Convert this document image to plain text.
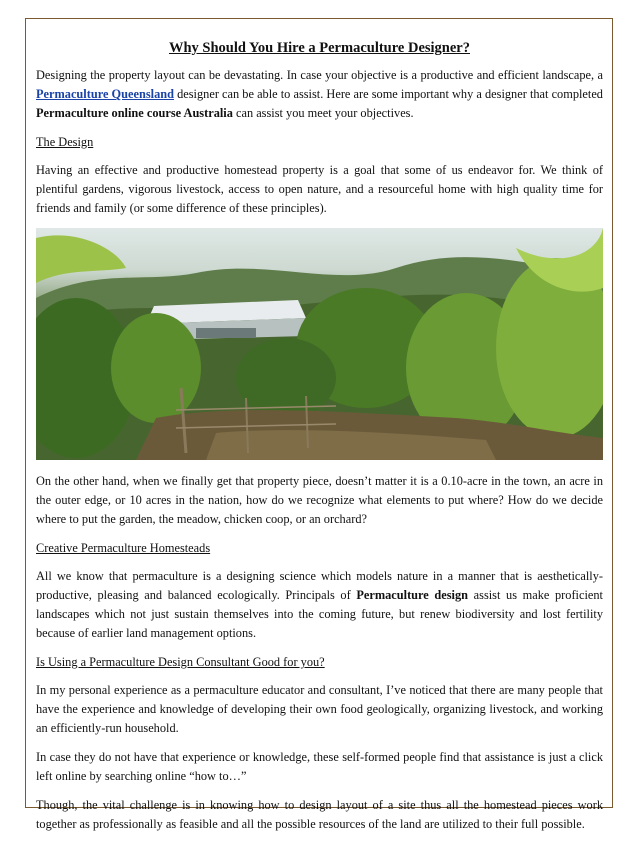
Why Should You Hire a Permaculture Designer?

Designing the property layout can be devastating. In case your objective is a productive and efficient landscape, a Permaculture Queensland designer can be able to assist. Here are some important why a designer that completed Permaculture online course Australia can assist you meet your objectives.

The Design

Having an effective and productive homestead property is a goal that some of us endeavor for. We think of plentiful gardens, vigorous livestock, access to open nature, and a resourceful home with high quality time for friends and family (or some difference of these principles).

On the other hand, when we finally get that property piece, doesn’t matter it is a 0.10-acre in the town, an acre in the outer edge, or 10 acres in the nation, how do we recognize what elements to put where? How do we decide where to put the garden, the meadow, chicken coop, or an orchard?

Creative Permaculture Homesteads

All we know that permaculture is a designing science which models nature in a manner that is aesthetically-productive, pleasing and balanced ecologically. Principals of Permaculture design assist us make proficient landscapes which not just sustain themselves into the coming future, but renew biodiversity and lost fertility because of earlier land management options.

Is Using a Permaculture Design Consultant Good for you?

In my personal experience as a permaculture educator and consultant, I’ve noticed that there are many people that have the experience and knowledge of developing their own food geologically, organizing livestock, and working an efficiently-run household.

In case they do not have that experience or knowledge, these self-formed people find that assistance is just a click left online by searching online “how to…”

Though, the vital challenge is in knowing how to design layout of a site thus all the homestead pieces work together as professionally as feasible and all the possible resources of the land are utilized to their full possible.
